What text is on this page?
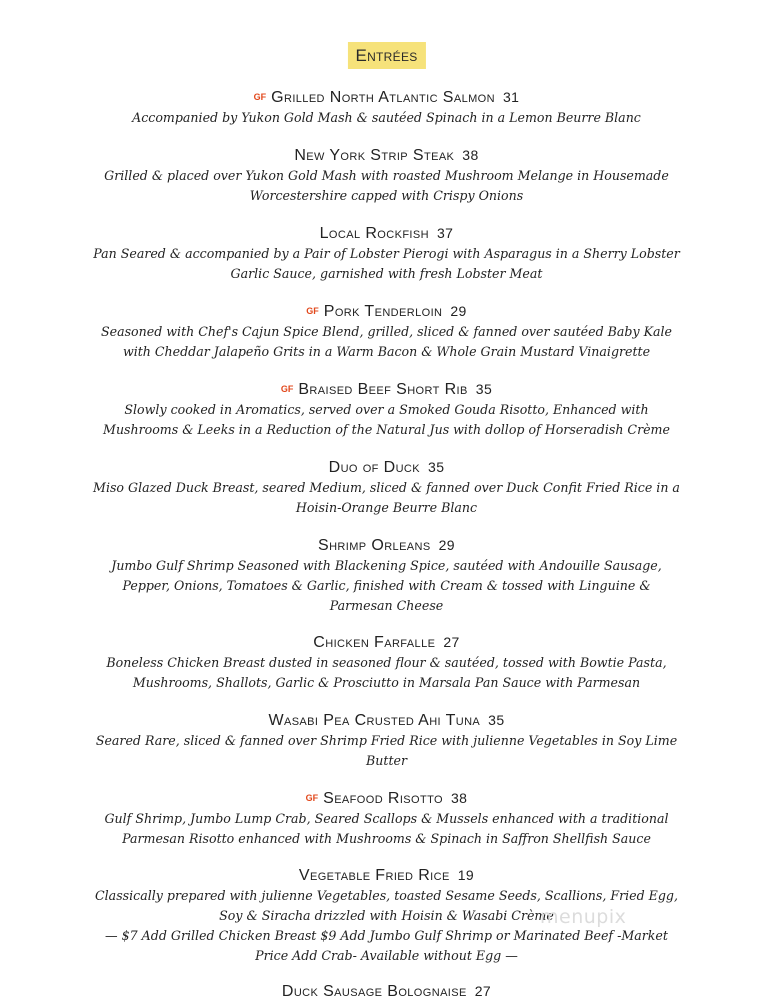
Entrées
GF Grilled North Atlantic Salmon 31
Accompanied by Yukon Gold Mash & sautéed Spinach in a Lemon Beurre Blanc
New York Strip Steak 38
Grilled & placed over Yukon Gold Mash with roasted Mushroom Melange in Housemade
Worcestershire capped with Crispy Onions
Local Rockfish 37
Pan Seared & accompanied by a Pair of Lobster Pierogi with Asparagus in a Sherry Lobster
Garlic Sauce, garnished with fresh Lobster Meat
GF Pork Tenderloin 29
Seasoned with Chef's Cajun Spice Blend, grilled, sliced & fanned over sautéed Baby Kale
with Cheddar Jalapeño Grits in a Warm Bacon & Whole Grain Mustard Vinaigrette
GF Braised Beef Short Rib 35
Slowly cooked in Aromatics, served over a Smoked Gouda Risotto, Enhanced with
Mushrooms & Leeks in a Reduction of the Natural Jus with dollop of Horseradish Crème
Duo of Duck 35
Miso Glazed Duck Breast, seared Medium, sliced & fanned over Duck Confit Fried Rice in a
Hoisin-Orange Beurre Blanc
Shrimp Orleans 29
Jumbo Gulf Shrimp Seasoned with Blackening Spice, sautéed with Andouille Sausage,
Pepper, Onions, Tomatoes & Garlic, finished with Cream & tossed with Linguine &
Parmesan Cheese
Chicken Farfalle 27
Boneless Chicken Breast dusted in seasoned flour & sautéed, tossed with Bowtie Pasta,
Mushrooms, Shallots, Garlic & Prosciutto in Marsala Pan Sauce with Parmesan
Wasabi Pea Crusted Ahi Tuna 35
Seared Rare, sliced & fanned over Shrimp Fried Rice with julienne Vegetables in Soy Lime
Butter
GF Seafood Risotto 38
Gulf Shrimp, Jumbo Lump Crab, Seared Scallops & Mussels enhanced with a traditional
Parmesan Risotto enhanced with Mushrooms & Spinach in Saffron Shellfish Sauce
Vegetable Fried Rice 19
Classically prepared with julienne Vegetables, toasted Sesame Seeds, Scallions, Fried Egg,
Soy & Siracha drizzled with Hoisin & Wasabi Crème
— $7 Add Grilled Chicken Breast $9 Add Jumbo Gulf Shrimp or Marinated Beef -Market
Price Add Crab- Available without Egg —
Duck Sausage Bolognaise 27
menupix
